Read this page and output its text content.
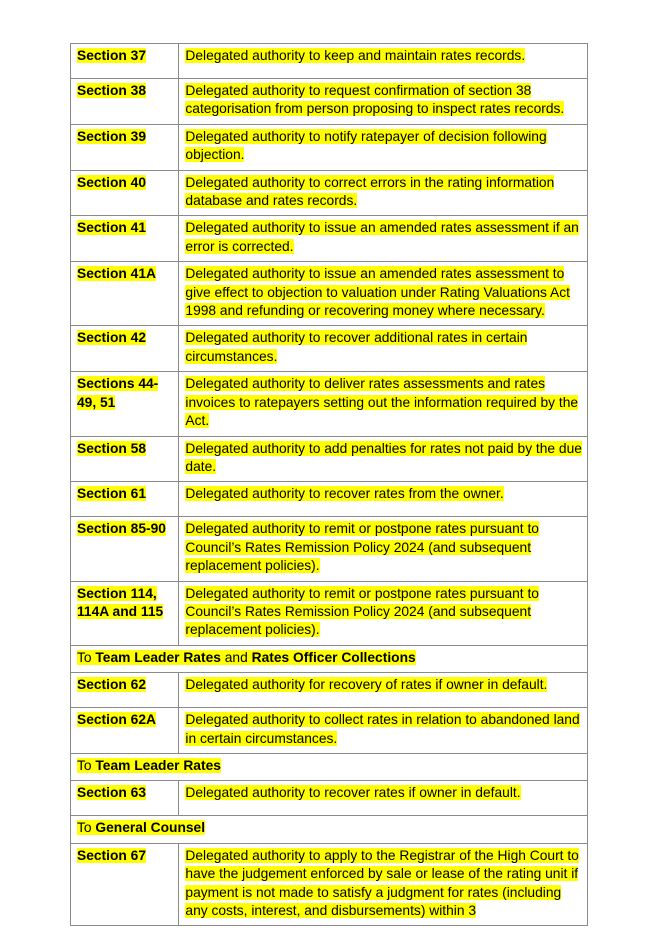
Section 37	Delegated authority to keep and maintain rates records.
Section 38	Delegated authority to request confirmation of section 38 categorisation from person proposing to inspect rates records.
Section 39	Delegated authority to notify ratepayer of decision following objection.
Section 40	Delegated authority to correct errors in the rating information database and rates records.
Section 41	Delegated authority to issue an amended rates assessment if an error is corrected.
Section 41A	Delegated authority to issue an amended rates assessment to give effect to objection to valuation under Rating Valuations Act 1998 and refunding or recovering money where necessary.
Section 42	Delegated authority to recover additional rates in certain circumstances.
Sections 44-49, 51	Delegated authority to deliver rates assessments and rates invoices to ratepayers setting out the information required by the Act.
Section 58	Delegated authority to add penalties for rates not paid by the due date.
Section 61	Delegated authority to recover rates from the owner.
Section 85-90	Delegated authority to remit or postpone rates pursuant to Council’s Rates Remission Policy 2024 (and subsequent replacement policies).
Section 114, 114A and 115	Delegated authority to remit or postpone rates pursuant to Council’s Rates Remission Policy 2024 (and subsequent replacement policies).
To Team Leader Rates and Rates Officer Collections	
Section 62	Delegated authority for recovery of rates if owner in default.
Section 62A	Delegated authority to collect rates in relation to abandoned land in certain circumstances.
To Team Leader Rates	
Section 63	Delegated authority to recover rates if owner in default.
To General Counsel	
Section 67	Delegated authority to apply to the Registrar of the High Court to have the judgement enforced by sale or lease of the rating unit if payment is not made to satisfy a judgment for rates (including any costs, interest, and disbursements) within 3
